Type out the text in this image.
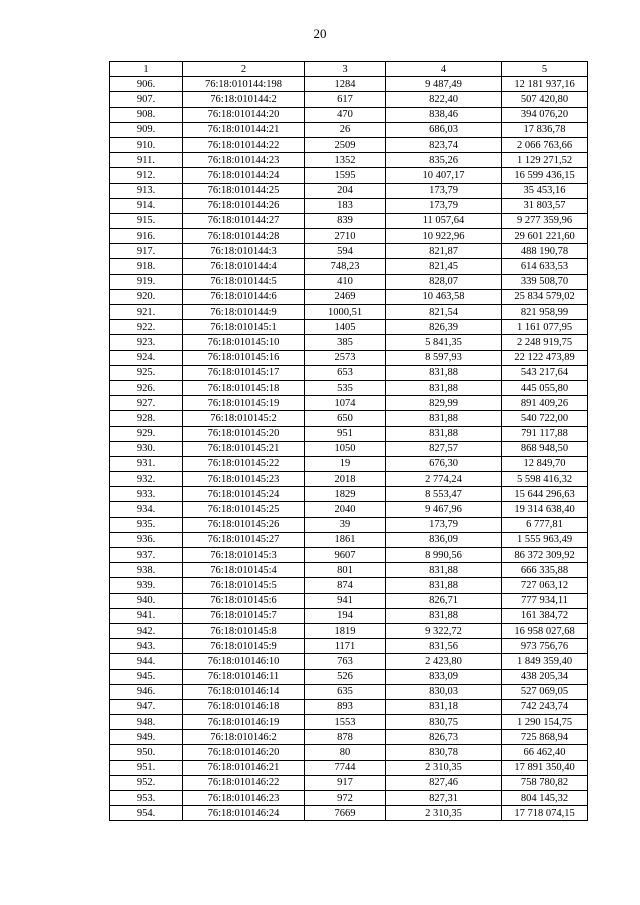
20
1	2	3	4	5
906.	76:18:010144:198	1284	9 487,49	12 181 937,16
907.	76:18:010144:2	617	822,40	507 420,80
908.	76:18:010144:20	470	838,46	394 076,20
909.	76:18:010144:21	26	686,03	17 836,78
910.	76:18:010144:22	2509	823,74	2 066 763,66
911.	76:18:010144:23	1352	835,26	1 129 271,52
912.	76:18:010144:24	1595	10 407,17	16 599 436,15
913.	76:18:010144:25	204	173,79	35 453,16
914.	76:18:010144:26	183	173,79	31 803,57
915.	76:18:010144:27	839	11 057,64	9 277 359,96
916.	76:18:010144:28	2710	10 922,96	29 601 221,60
917.	76:18:010144:3	594	821,87	488 190,78
918.	76:18:010144:4	748,23	821,45	614 633,53
919.	76:18:010144:5	410	828,07	339 508,70
920.	76:18:010144:6	2469	10 463,58	25 834 579,02
921.	76:18:010144:9	1000,51	821,54	821 958,99
922.	76:18:010145:1	1405	826,39	1 161 077,95
923.	76:18:010145:10	385	5 841,35	2 248 919,75
924.	76:18:010145:16	2573	8 597,93	22 122 473,89
925.	76:18:010145:17	653	831,88	543 217,64
926.	76:18:010145:18	535	831,88	445 055,80
927.	76:18:010145:19	1074	829,99	891 409,26
928.	76:18:010145:2	650	831,88	540 722,00
929.	76:18:010145:20	951	831,88	791 117,88
930.	76:18:010145:21	1050	827,57	868 948,50
931.	76:18:010145:22	19	676,30	12 849,70
932.	76:18:010145:23	2018	2 774,24	5 598 416,32
933.	76:18:010145:24	1829	8 553,47	15 644 296,63
934.	76:18:010145:25	2040	9 467,96	19 314 638,40
935.	76:18:010145:26	39	173,79	6 777,81
936.	76:18:010145:27	1861	836,09	1 555 963,49
937.	76:18:010145:3	9607	8 990,56	86 372 309,92
938.	76:18:010145:4	801	831,88	666 335,88
939.	76:18:010145:5	874	831,88	727 063,12
940.	76:18:010145:6	941	826,71	777 934,11
941.	76:18:010145:7	194	831,88	161 384,72
942.	76:18:010145:8	1819	9 322,72	16 958 027,68
943.	76:18:010145:9	1171	831,56	973 756,76
944.	76:18:010146:10	763	2 423,80	1 849 359,40
945.	76:18:010146:11	526	833,09	438 205,34
946.	76:18:010146:14	635	830,03	527 069,05
947.	76:18:010146:18	893	831,18	742 243,74
948.	76:18:010146:19	1553	830,75	1 290 154,75
949.	76:18:010146:2	878	826,73	725 868,94
950.	76:18:010146:20	80	830,78	66 462,40
951.	76:18:010146:21	7744	2 310,35	17 891 350,40
952.	76:18:010146:22	917	827,46	758 780,82
953.	76:18:010146:23	972	827,31	804 145,32
954.	76:18:010146:24	7669	2 310,35	17 718 074,15
